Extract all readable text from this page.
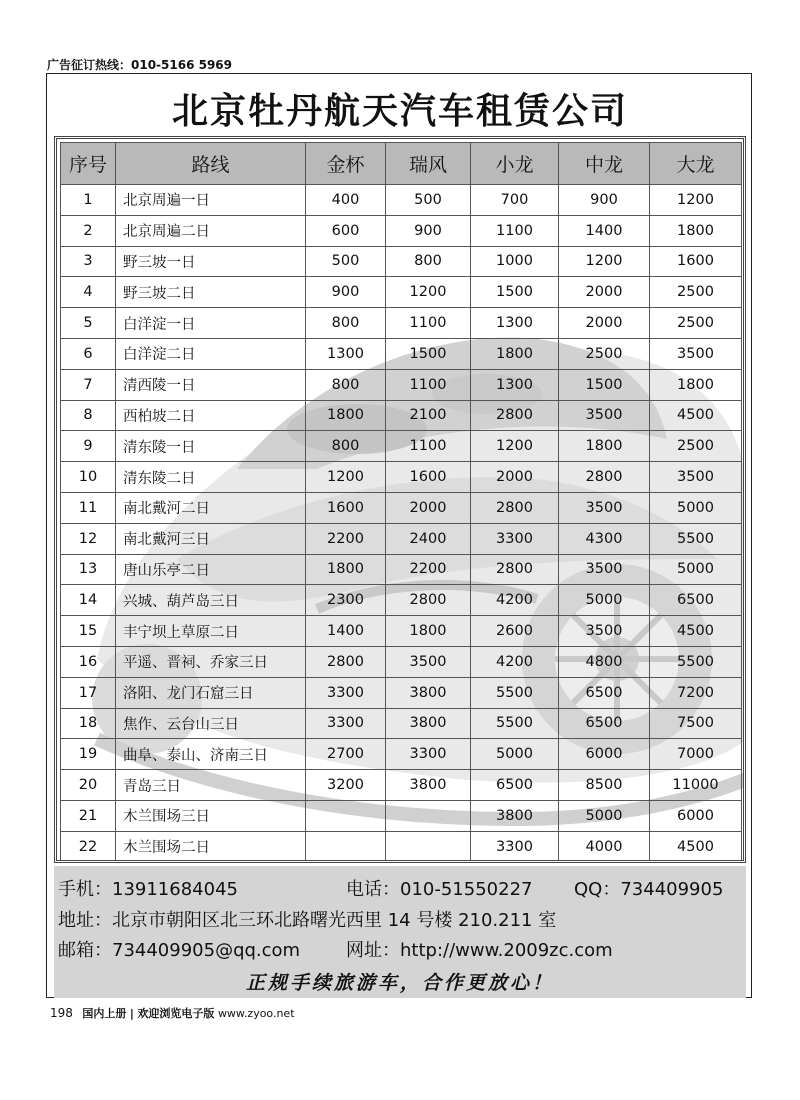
广告征订热线：010-5166 5969
北京牡丹航天汽车租赁公司
序号	路线	金杯	瑞风	小龙	中龙	大龙
1	北京周遍一日	400	500	700	900	1200
2	北京周遍二日	600	900	1100	1400	1800
3	野三坡一日	500	800	1000	1200	1600
4	野三坡二日	900	1200	1500	2000	2500
5	白洋淀一日	800	1100	1300	2000	2500
6	白洋淀二日	1300	1500	1800	2500	3500
7	清西陵一日	800	1100	1300	1500	1800
8	西柏坡二日	1800	2100	2800	3500	4500
9	清东陵一日	800	1100	1200	1800	2500
10	清东陵二日	1200	1600	2000	2800	3500
11	南北戴河二日	1600	2000	2800	3500	5000
12	南北戴河三日	2200	2400	3300	4300	5500
13	唐山乐亭二日	1800	2200	2800	3500	5000
14	兴城、葫芦岛三日	2300	2800	4200	5000	6500
15	丰宁坝上草原二日	1400	1800	2600	3500	4500
16	平遥、晋祠、乔家三日	2800	3500	4200	4800	5500
17	洛阳、龙门石窟三日	3300	3800	5500	6500	7200
18	焦作、云台山三日	3300	3800	5500	6500	7500
19	曲阜、泰山、济南三日	2700	3300	5000	6000	7000
20	青岛三日	3200	3800	6500	8500	11000
21	木兰围场三日			3800	5000	6000
22	木兰围场二日			3300	4000	4500
手机：13911684045	电话：010-51550227 QQ：734409905
地址：北京市朝阳区北三环北路曙光西里 14 号楼 210.211 室
邮箱：734409905@qq.com	网址：http://www.2009zc.com
正规手续旅游车，合作更放心！
198 国内上册 | 欢迎浏览电子版 www.zyoo.net
